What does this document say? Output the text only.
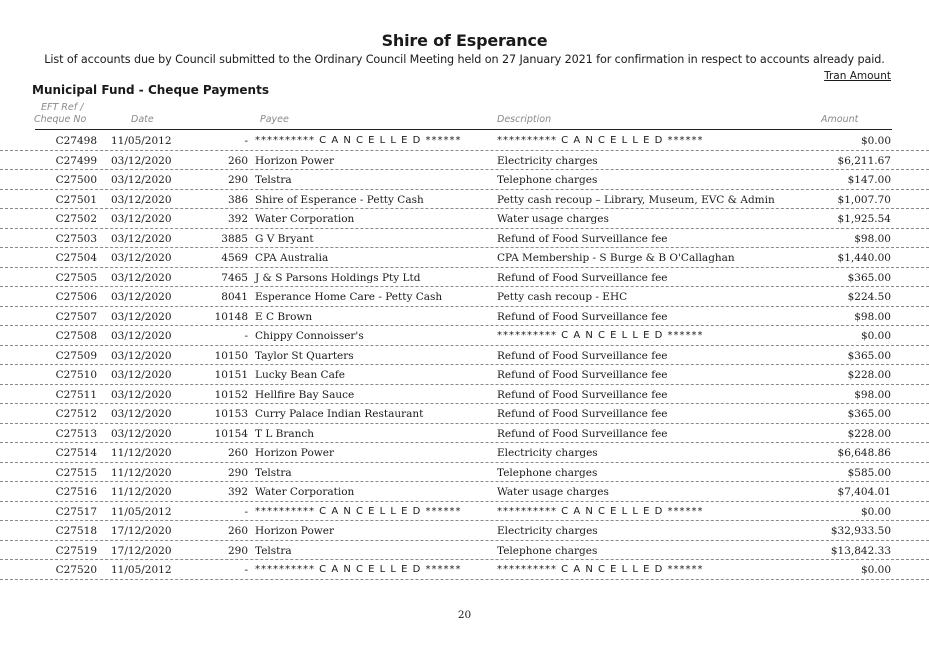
Shire of Esperance
List of accounts due by Council submitted to the Ordinary Council Meeting held on 27 January 2021 for confirmation in respect to accounts already paid.
Tran Amount
Municipal Fund - Cheque Payments
EFT Ref /
Cheque No	Date	Payee	Description	Amount
C27498 11/05/2012	- ********** C A N C E L L E D ******	********** C A N C E L L E D ******	$0.00
C27499 03/12/2020	260 Horizon Power	Electricity charges	$6,211.67
C27500 03/12/2020	290 Telstra	Telephone charges	$147.00
C27501 03/12/2020	386 Shire of Esperance - Petty Cash	Petty cash recoup – Library, Museum, EVC & Admin	$1,007.70
C27502 03/12/2020	392 Water Corporation	Water usage charges	$1,925.54
C27503 03/12/2020	3885 G V Bryant	Refund of Food Surveillance fee	$98.00
C27504 03/12/2020	4569 CPA Australia	CPA Membership - S Burge & B O'Callaghan	$1,440.00
C27505 03/12/2020	7465 J & S Parsons Holdings Pty Ltd	Refund of Food Surveillance fee	$365.00
C27506 03/12/2020	8041 Esperance Home Care - Petty Cash	Petty cash recoup - EHC	$224.50
C27507 03/12/2020	10148 E C Brown	Refund of Food Surveillance fee	$98.00
C27508 03/12/2020	- Chippy Connoisser's	********** C A N C E L L E D ******	$0.00
C27509 03/12/2020	10150 Taylor St Quarters	Refund of Food Surveillance fee	$365.00
C27510 03/12/2020	10151 Lucky Bean Cafe	Refund of Food Surveillance fee	$228.00
C27511 03/12/2020	10152 Hellfire Bay Sauce	Refund of Food Surveillance fee	$98.00
C27512 03/12/2020	10153 Curry Palace Indian Restaurant	Refund of Food Surveillance fee	$365.00
C27513 03/12/2020	10154 T L Branch	Refund of Food Surveillance fee	$228.00
C27514 11/12/2020	260 Horizon Power	Electricity charges	$6,648.86
C27515 11/12/2020	290 Telstra	Telephone charges	$585.00
C27516 11/12/2020	392 Water Corporation	Water usage charges	$7,404.01
C27517 11/05/2012	- ********** C A N C E L L E D ******	********** C A N C E L L E D ******	$0.00
C27518 17/12/2020	260 Horizon Power	Electricity charges	$32,933.50
C27519 17/12/2020	290 Telstra	Telephone charges	$13,842.33
C27520 11/05/2012	- ********** C A N C E L L E D ******	********** C A N C E L L E D ******	$0.00
20
